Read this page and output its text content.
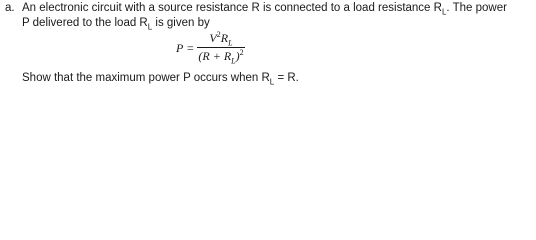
a. An electronic circuit with a source resistance R is connected to a load resistance $R_L$. The power
P delivered to the load $R_L$ is given by
P =
$V^2R_L$
$(R + R_L)^2$
Show that the maximum power P occurs when $R_L = R$.
